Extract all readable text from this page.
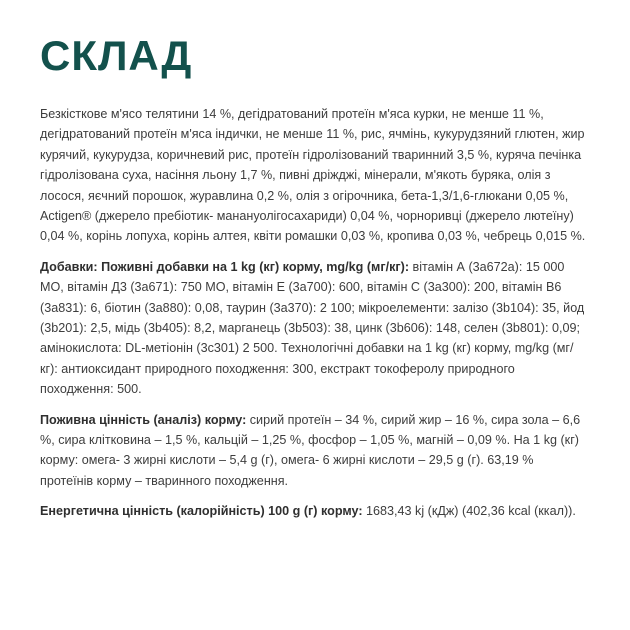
СКЛАД

Безкісткове м'ясо телятини 14 %, дегідратований протеїн м'яса курки, не менше 11 %, дегідратований протеїн м'яса індички, не менше 11 %, рис, ячмінь, кукурудзяний глютен, жир курячий, кукурудза, коричневий рис, протеїн гідролізований тваринний 3,5 %, куряча печінка гідролізована суха, насіння льону 1,7 %, пивні дріжджі, мінерали, м'якоть буряка, олія з лосося, яєчний порошок, журавлина 0,2 %, олія з огірочника, бета-1,3/1,6-глюкани 0,05 %, Actigen® (джерело пребіотик- манануолігосахариди) 0,04 %, чорноривці (джерело лютеїну) 0,04 %, корінь лопуха, корінь алтея, квіти ромашки 0,03 %, кропива 0,03 %, чебрець 0,015 %.

Добавки: Поживні добавки на 1 kg (кг) корму, mg/kg (мг/кг): вітамін А (3а672а): 15 000 МО, вітамін Д3 (3а671): 750 МО, вітамін Е (3а700): 600, вітамін С (3а300): 200, вітамін В6 (3а831): 6, біотин (3а880): 0,08, таурин (3а370): 2 100; мікроелементи: залізо (3b104): 35, йод (3b201): 2,5, мідь (3b405): 8,2, марганець (3b503): 38, цинк (3b606): 148, селен (3b801): 0,09; амінокислота: DL-метіонін (3c301) 2 500. Технологічні добавки на 1 kg (кг) корму, mg/kg (мг/кг): антиоксидант природного походження: 300, екстракт токоферолу природного походження: 500.

Поживна цінність (аналіз) корму: сирий протеїн – 34 %, сирий жир – 16 %, сира зола – 6,6 %, сира клітковина – 1,5 %, кальцій – 1,25 %, фосфор – 1,05 %, магній – 0,09 %. На 1 kg (кг) корму: омега- 3 жирні кислоти – 5,4 g (г), омега- 6 жирні кислоти – 29,5 g (г). 63,19 % протеїнів корму – тваринного походження.

Енергетична цінність (калорійність) 100 g (г) корму: 1683,43 kj (кДж) (402,36 kcal (ккал)).
